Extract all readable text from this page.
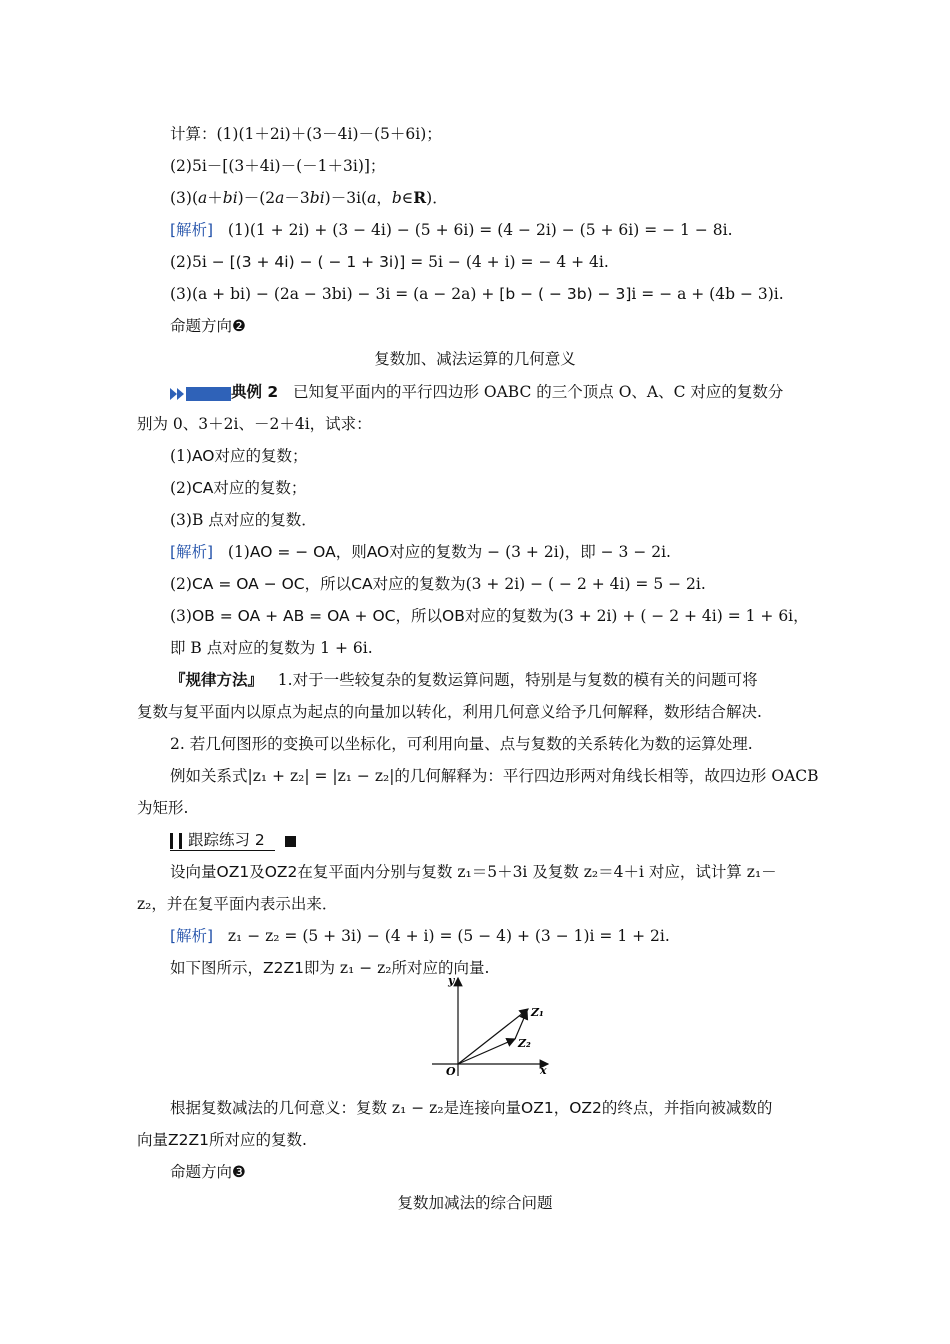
计算：(1)(1＋2i)＋(3－4i)－(5＋6i)；
(2)5i－[(3＋4i)－(－1＋3i)]；
(3)(a＋bi)－(2a－3bi)－3i(a，b∈R)．
[解析] (1)(1 + 2i) + (3 − 4i) − (5 + 6i) = (4 − 2i) − (5 + 6i) = − 1 − 8i.
(2)5i − [(3 + 4i) − ( − 1 + 3i)] = 5i − (4 + i) = − 4 + 4i.
(3)(a + bi) − (2a − 3bi) − 3i = (a − 2a) + [b − ( − 3b) − 3]i = − a + (4b − 3)i.
命题方向❷
复数加、减法运算的几何意义
典例 2 已知复平面内的平行四边形 OABC 的三个顶点 O、A、C 对应的复数分
别为 0、3＋2i、－2＋4i，试求：
(1)AO对应的复数；
(2)CA对应的复数；
(3)B 点对应的复数．
[解析] (1)AO = − OA，则AO对应的复数为 − (3 + 2i)，即 − 3 − 2i.
(2)CA = OA − OC，所以CA对应的复数为(3 + 2i) − ( − 2 + 4i) = 5 − 2i.
(3)OB = OA + AB = OA + OC，所以OB对应的复数为(3 + 2i) + ( − 2 + 4i) = 1 + 6i，
即 B 点对应的复数为 1 + 6i.
『规律方法』 1.对于一些较复杂的复数运算问题，特别是与复数的模有关的问题可将
复数与复平面内以原点为起点的向量加以转化，利用几何意义给予几何解释，数形结合解决.
2. 若几何图形的变换可以坐标化，可利用向量、点与复数的关系转化为数的运算处理.
例如关系式|z₁ + z₂| = |z₁ − z₂|的几何解释为：平行四边形两对角线长相等，故四边形 OACB
为矩形.
跟踪练习 2
设向量OZ1及OZ2在复平面内分别与复数 z₁＝5＋3i 及复数 z₂＝4＋i 对应，试计算 z₁－
z₂，并在复平面内表示出来．
[解析] z₁ − z₂ = (5 + 3i) − (4 + i) = (5 − 4) + (3 − 1)i = 1 + 2i.
如下图所示，Z2Z1即为 z₁ − z₂所对应的向量.
y
x
O
Z₁
Z₂
根据复数减法的几何意义：复数 z₁ − z₂是连接向量OZ1，OZ2的终点，并指向被减数的
向量Z2Z1所对应的复数.
命题方向❸
复数加减法的综合问题
